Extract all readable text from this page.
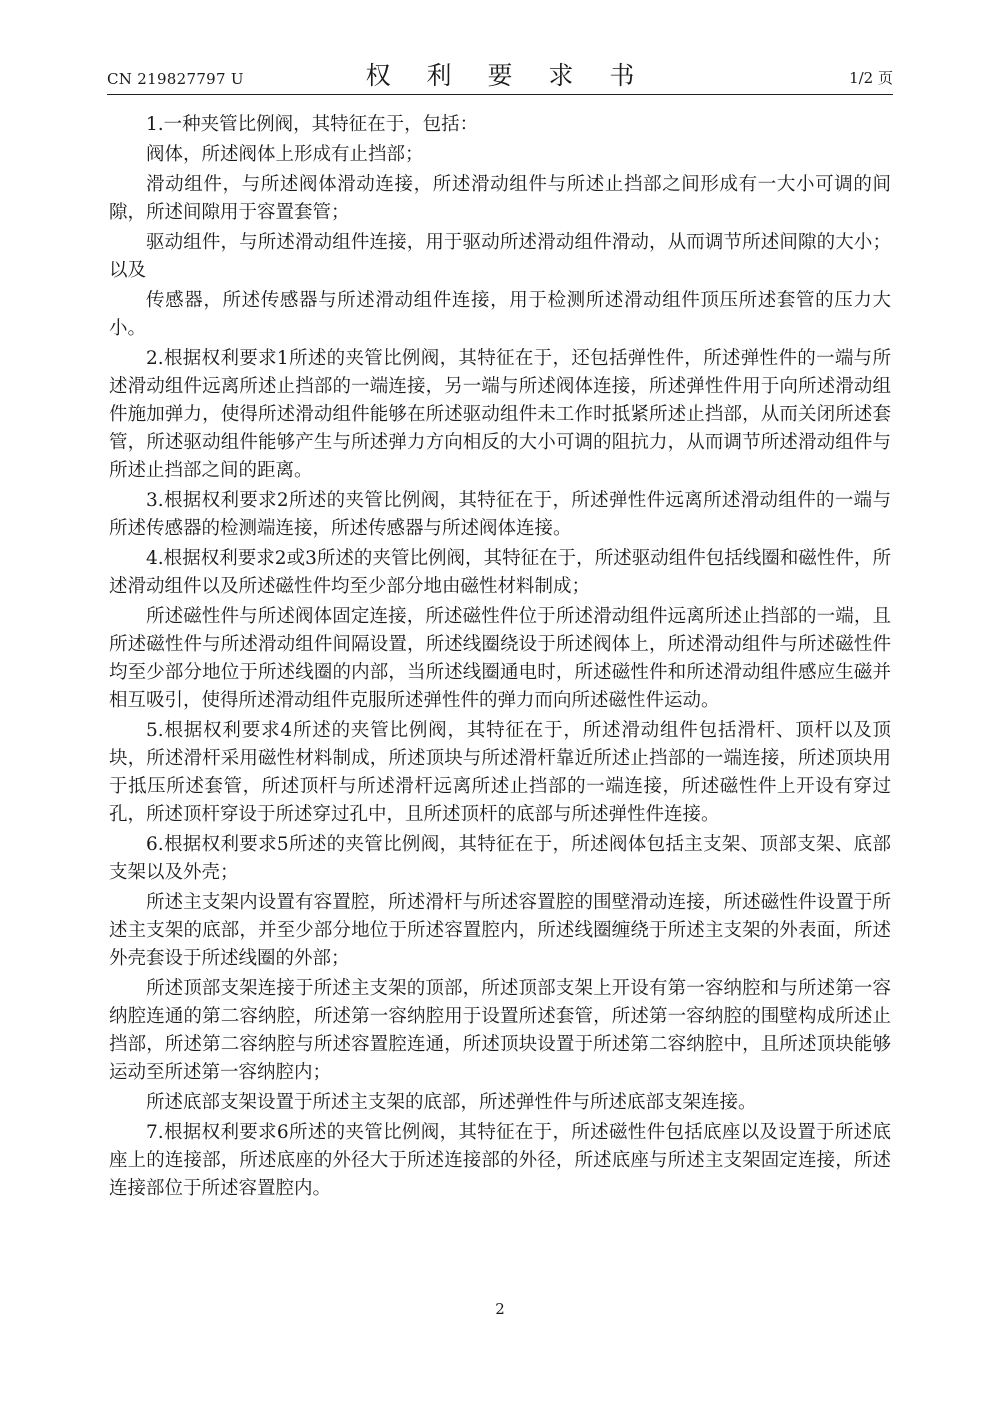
CN 219827797 U	权 利 要 求 书	1/2 页

1.一种夹管比例阀，其特征在于，包括：

阀体，所述阀体上形成有止挡部；

滑动组件，与所述阀体滑动连接，所述滑动组件与所述止挡部之间形成有一大小可调的间隙，所述间隙用于容置套管；

驱动组件，与所述滑动组件连接，用于驱动所述滑动组件滑动，从而调节所述间隙的大小；以及

传感器，所述传感器与所述滑动组件连接，用于检测所述滑动组件顶压所述套管的压力大小。

2.根据权利要求1所述的夹管比例阀，其特征在于，还包括弹性件，所述弹性件的一端与所述滑动组件远离所述止挡部的一端连接，另一端与所述阀体连接，所述弹性件用于向所述滑动组件施加弹力，使得所述滑动组件能够在所述驱动组件未工作时抵紧所述止挡部，从而关闭所述套管，所述驱动组件能够产生与所述弹力方向相反的大小可调的阻抗力，从而调节所述滑动组件与所述止挡部之间的距离。

3.根据权利要求2所述的夹管比例阀，其特征在于，所述弹性件远离所述滑动组件的一端与所述传感器的检测端连接，所述传感器与所述阀体连接。

4.根据权利要求2或3所述的夹管比例阀，其特征在于，所述驱动组件包括线圈和磁性件，所述滑动组件以及所述磁性件均至少部分地由磁性材料制成；

所述磁性件与所述阀体固定连接，所述磁性件位于所述滑动组件远离所述止挡部的一端，且所述磁性件与所述滑动组件间隔设置，所述线圈绕设于所述阀体上，所述滑动组件与所述磁性件均至少部分地位于所述线圈的内部，当所述线圈通电时，所述磁性件和所述滑动组件感应生磁并相互吸引，使得所述滑动组件克服所述弹性件的弹力而向所述磁性件运动。

5.根据权利要求4所述的夹管比例阀，其特征在于，所述滑动组件包括滑杆、顶杆以及顶块，所述滑杆采用磁性材料制成，所述顶块与所述滑杆靠近所述止挡部的一端连接，所述顶块用于抵压所述套管，所述顶杆与所述滑杆远离所述止挡部的一端连接，所述磁性件上开设有穿过孔，所述顶杆穿设于所述穿过孔中，且所述顶杆的底部与所述弹性件连接。

6.根据权利要求5所述的夹管比例阀，其特征在于，所述阀体包括主支架、顶部支架、底部支架以及外壳；

所述主支架内设置有容置腔，所述滑杆与所述容置腔的围壁滑动连接，所述磁性件设置于所述主支架的底部，并至少部分地位于所述容置腔内，所述线圈缠绕于所述主支架的外表面，所述外壳套设于所述线圈的外部；

所述顶部支架连接于所述主支架的顶部，所述顶部支架上开设有第一容纳腔和与所述第一容纳腔连通的第二容纳腔，所述第一容纳腔用于设置所述套管，所述第一容纳腔的围壁构成所述止挡部，所述第二容纳腔与所述容置腔连通，所述顶块设置于所述第二容纳腔中，且所述顶块能够运动至所述第一容纳腔内；

所述底部支架设置于所述主支架的底部，所述弹性件与所述底部支架连接。

7.根据权利要求6所述的夹管比例阀，其特征在于，所述磁性件包括底座以及设置于所述底座上的连接部，所述底座的外径大于所述连接部的外径，所述底座与所述主支架固定连接，所述连接部位于所述容置腔内。

2
